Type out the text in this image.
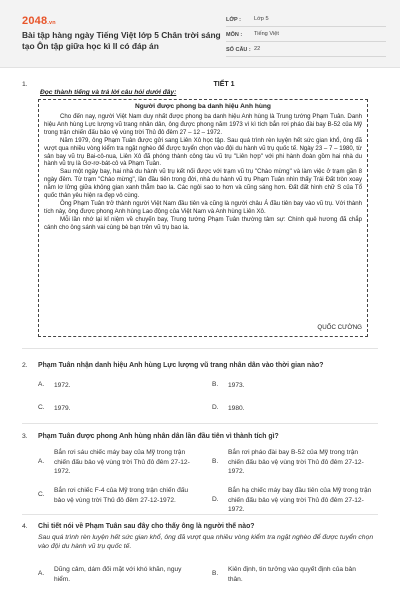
2048.vn
Bài tập hàng ngày Tiếng Việt lớp 5 Chân trời sáng tạo Ôn tập giữa học kì II có đáp án
LỚP :	Lớp 5
MÔN :	Tiếng Việt
SỐ CÂU : 22
1.	TIẾT 1
Đọc thành tiếng và trả lời câu hỏi dưới đây:
Người được phong ba danh hiệu Anh hùng
Cho đến nay, người Việt Nam duy nhất được phong ba danh hiệu Anh hùng là Trung tướng Phạm Tuân. Danh hiệu Anh hùng Lực lượng vũ trang nhân dân, ông được phong năm 1973 vì kì tích bắn rơi pháo đài bay B-52 của Mỹ trong trận chiến đấu bảo vệ vùng trời Thủ đô đêm 27 – 12 – 1972.
Năm 1979, ông Phạm Tuân được gửi sang Liên Xô học tập. Sau quá trình rèn luyện hết sức gian khổ, ông đã vượt qua nhiều vòng kiểm tra ngặt nghèo để được tuyển chọn vào đội du hành vũ trụ quốc tế. Ngày 23 – 7 – 1980, từ sân bay vũ trụ Bai-cô-nua, Liên Xô đã phóng thành công tàu vũ trụ "Liên hợp" với phi hành đoàn gồm hai nhà du hành vũ trụ là Gơ-rơ-bát-cô và Phạm Tuân.
Sau một ngày bay, hai nhà du hành vũ trụ kết nối được với trạm vũ trụ "Chào mừng" và làm việc ở trạm gần 8 ngày đêm. Từ trạm "Chào mừng", lần đầu tiên trong đời, nhà du hành vũ trụ Phạm Tuân nhìn thấy Trái Đất tròn xoay nằm lơ lửng giữa không gian xanh thẳm bao la. Các ngôi sao to hơn và cũng sáng hơn. Đất đất hình chữ S của Tổ quốc thân yêu hiện ra đẹp vô cùng.
Ông Phạm Tuân trở thành người Việt Nam đầu tiên và cũng là người châu Á đầu tiên bay vào vũ trụ. Với thành tích này, ông được phong Anh hùng Lao động của Việt Nam và Anh hùng Liên Xô.
Mỗi lần nhớ lại kỉ niệm về chuyến bay, Trung tướng Phạm Tuân thường tâm sự: Chính quê hương đã chắp cánh cho ông sánh vai cùng bè bạn trên vũ trụ bao la.
QUỐC CƯỜNG
2. Phạm Tuân nhận danh hiệu Anh hùng Lực lượng vũ trang nhân dân vào thời gian nào?
A.	1972.	B.	1973.
C.	1979.	D.	1980.
3. Phạm Tuân được phong Anh hùng nhân dân lần đầu tiên vì thành tích gì?
A.
Bắn rơi sáu chiếc máy bay của Mỹ trong trận chiến đấu bảo vệ vùng trời Thủ đô đêm 27-12-1972.
B.
Bắn rơi pháo đài bay B-52 của Mỹ trong trận chiến đấu bảo vệ vùng trời Thủ đô đêm 27-12-1972.
C.
Bắn rơi chiếc F-4 của Mỹ trong trận chiến đấu bảo vệ vùng trời Thủ đô đêm 27-12-1972.	D.
Bắn hạ chiếc máy bay đầu tiên của Mỹ trong trận chiến đấu bảo vệ vùng trời Thủ đô đêm 27-12-1972.
4. Chi tiết nói về Phạm Tuân sau đây cho thấy ông là người thế nào?
Sau quá trình rèn luyện hết sức gian khổ, ông đã vượt qua nhiều vòng kiểm tra ngặt nghèo để được tuyển chọn vào đội du hành vũ trụ quốc tế.
A.
Dũng cảm, dám đối mặt với khó khăn, nguy hiểm.
B.
Kiên định, tin tưởng vào quyết định của bản thân.
